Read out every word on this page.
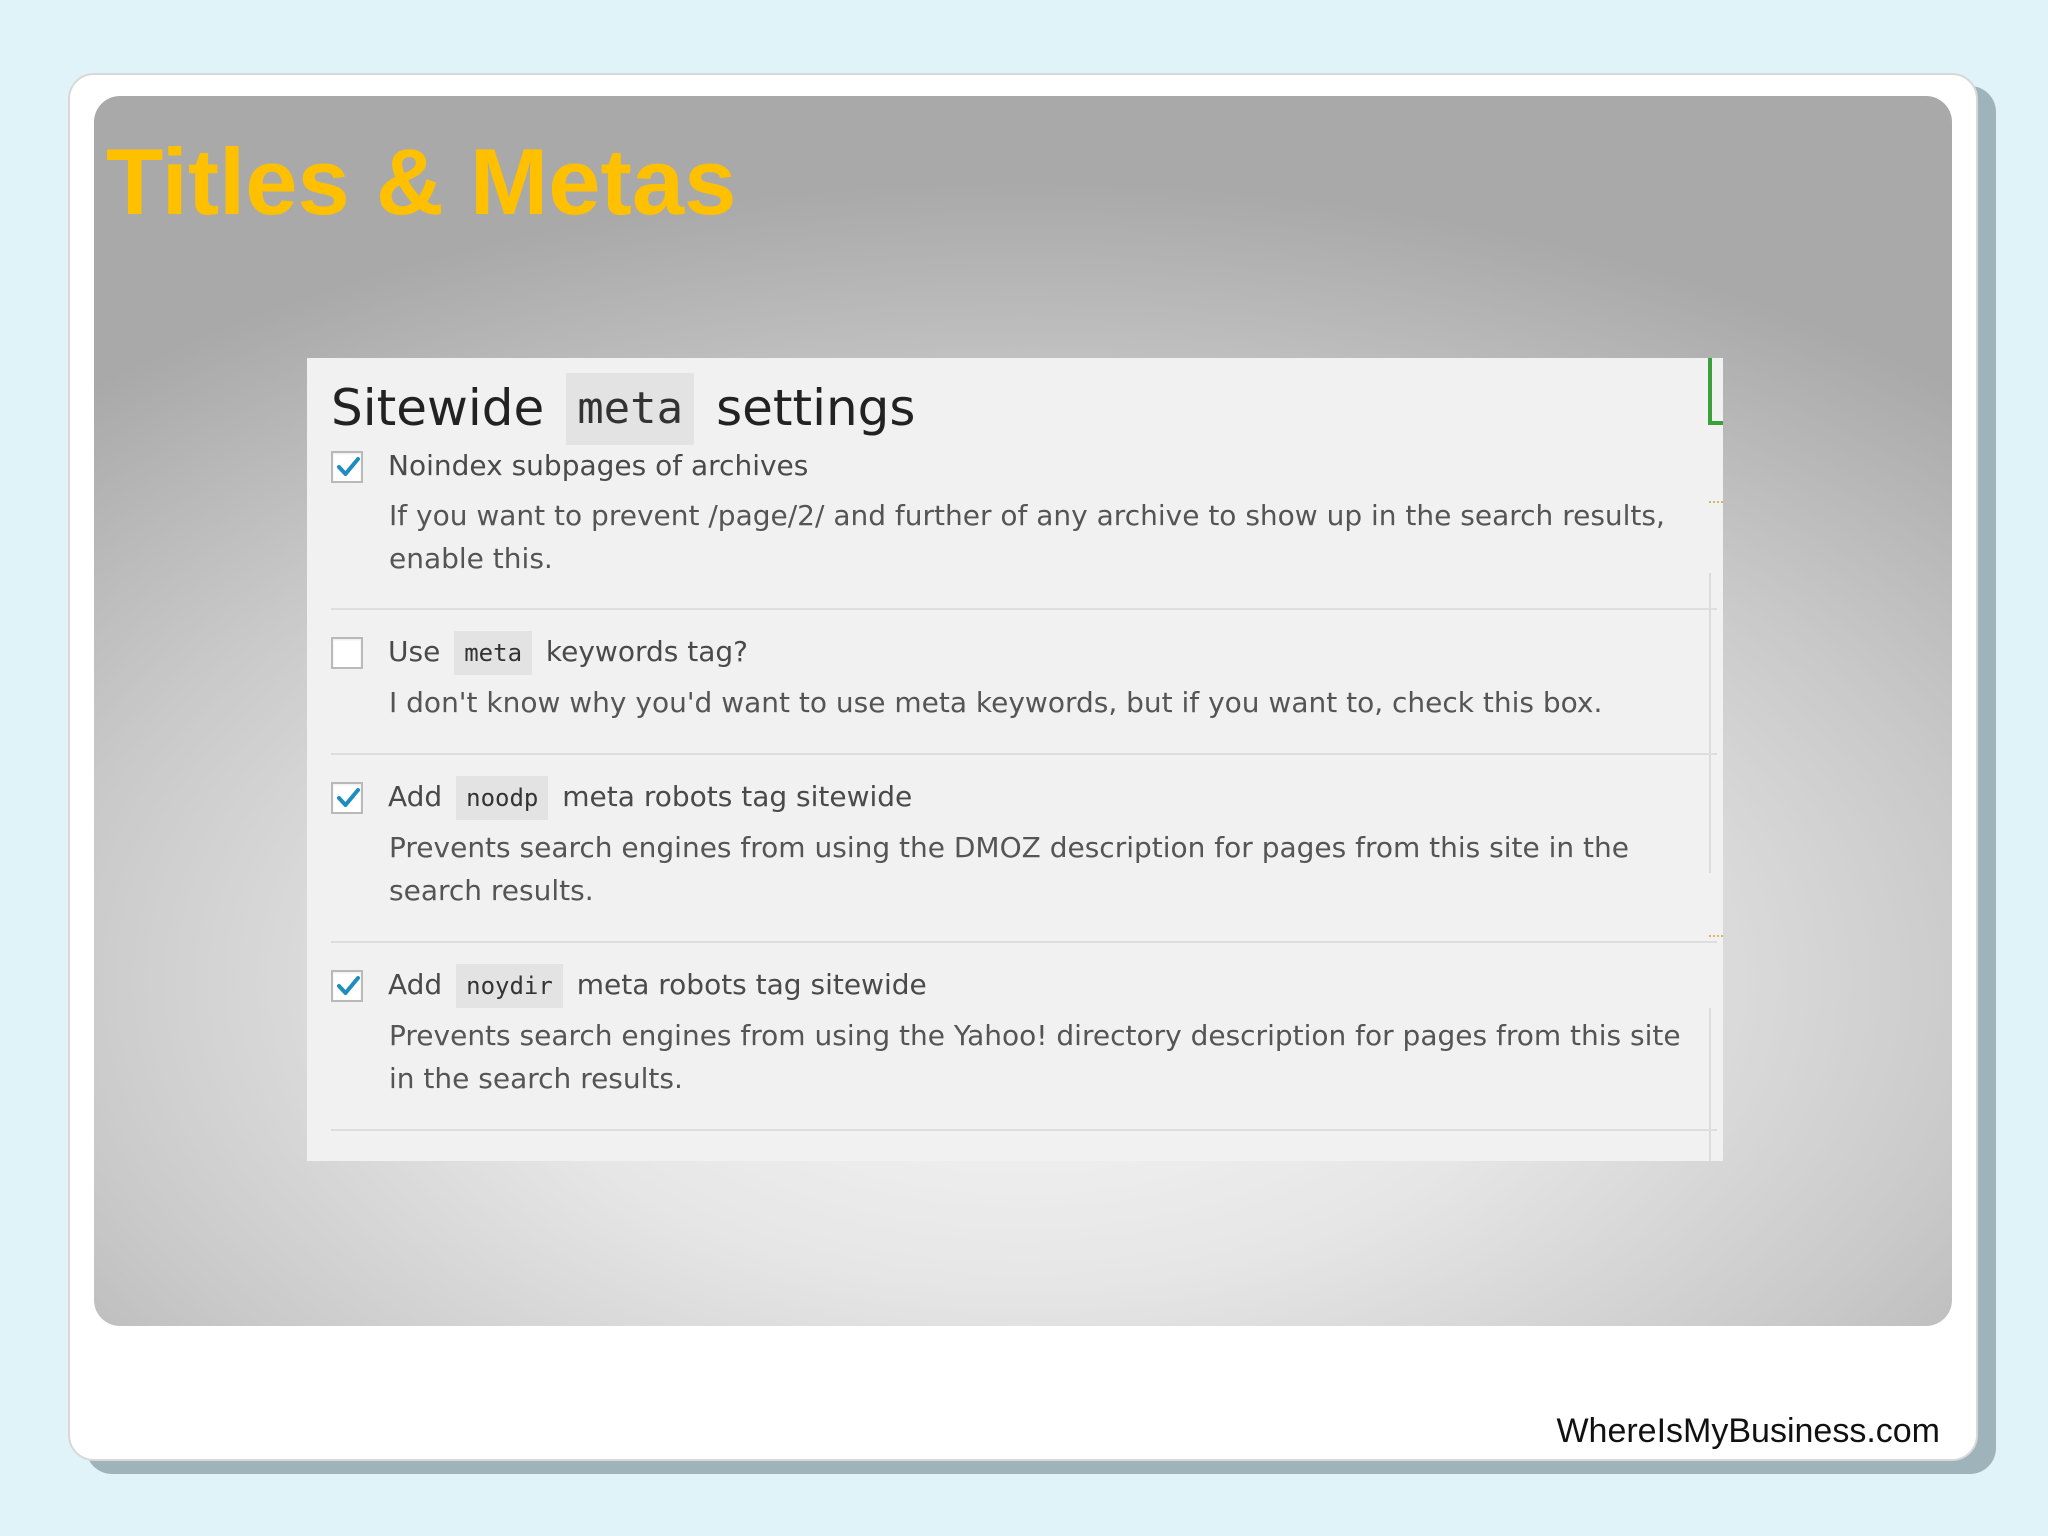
Titles & Metas
Sitewide meta settings
Noindex subpages of archives
If you want to prevent /page/2/ and further of any archive to show up in the search results, enable this.
Use meta keywords tag?
I don't know why you'd want to use meta keywords, but if you want to, check this box.
Add noodp meta robots tag sitewide
Prevents search engines from using the DMOZ description for pages from this site in the search results.
Add noydir meta robots tag sitewide
Prevents search engines from using the Yahoo! directory description for pages from this site in the search results.
WhereIsMyBusiness.com
